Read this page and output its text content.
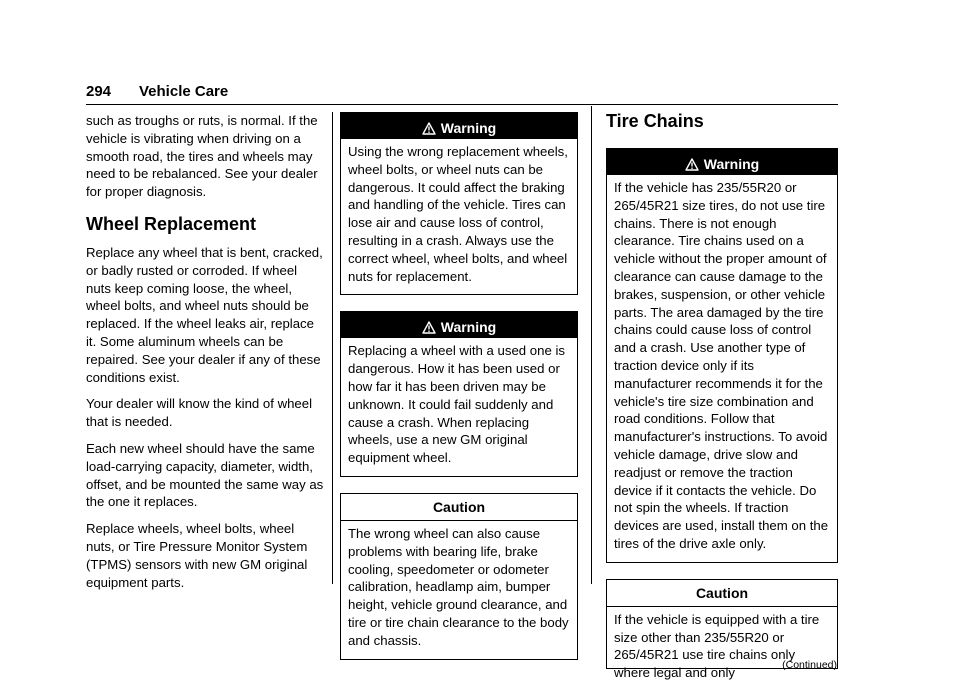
294 Vehicle Care

such as troughs or ruts, is normal. If the vehicle is vibrating when driving on a smooth road, the tires and wheels may need to be rebalanced. See your dealer for proper diagnosis.

Wheel Replacement

Replace any wheel that is bent, cracked, or badly rusted or corroded. If wheel nuts keep coming loose, the wheel, wheel bolts, and wheel nuts should be replaced. If the wheel leaks air, replace it. Some aluminum wheels can be repaired. See your dealer if any of these conditions exist.

Your dealer will know the kind of wheel that is needed.

Each new wheel should have the same load-carrying capacity, diameter, width, offset, and be mounted the same way as the one it replaces.

Replace wheels, wheel bolts, wheel nuts, or Tire Pressure Monitor System (TPMS) sensors with new GM original equipment parts.

Warning
Using the wrong replacement wheels, wheel bolts, or wheel nuts can be dangerous. It could affect the braking and handling of the vehicle. Tires can lose air and cause loss of control, resulting in a crash. Always use the correct wheel, wheel bolts, and wheel nuts for replacement.
Warning
Replacing a wheel with a used one is dangerous. How it has been used or how far it has been driven may be unknown. It could fail suddenly and cause a crash. When replacing wheels, use a new GM original equipment wheel.
Caution
The wrong wheel can also cause problems with bearing life, brake cooling, speedometer or odometer calibration, headlamp aim, bumper height, vehicle ground clearance, and tire or tire chain clearance to the body and chassis.
Tire Chains
Warning
If the vehicle has 235/55R20 or 265/45R21 size tires, do not use tire chains. There is not enough clearance. Tire chains used on a vehicle without the proper amount of clearance can cause damage to the brakes, suspension, or other vehicle parts. The area damaged by the tire chains could cause loss of control and a crash. Use another type of traction device only if its manufacturer recommends it for the vehicle's tire size combination and road conditions. Follow that manufacturer's instructions. To avoid vehicle damage, drive slow and readjust or remove the traction device if it contacts the vehicle. Do not spin the wheels. If traction devices are used, install them on the tires of the drive axle only.
Caution
If the vehicle is equipped with a tire size other than 235/55R20 or 265/45R21 use tire chains only where legal and only
(Continued)
